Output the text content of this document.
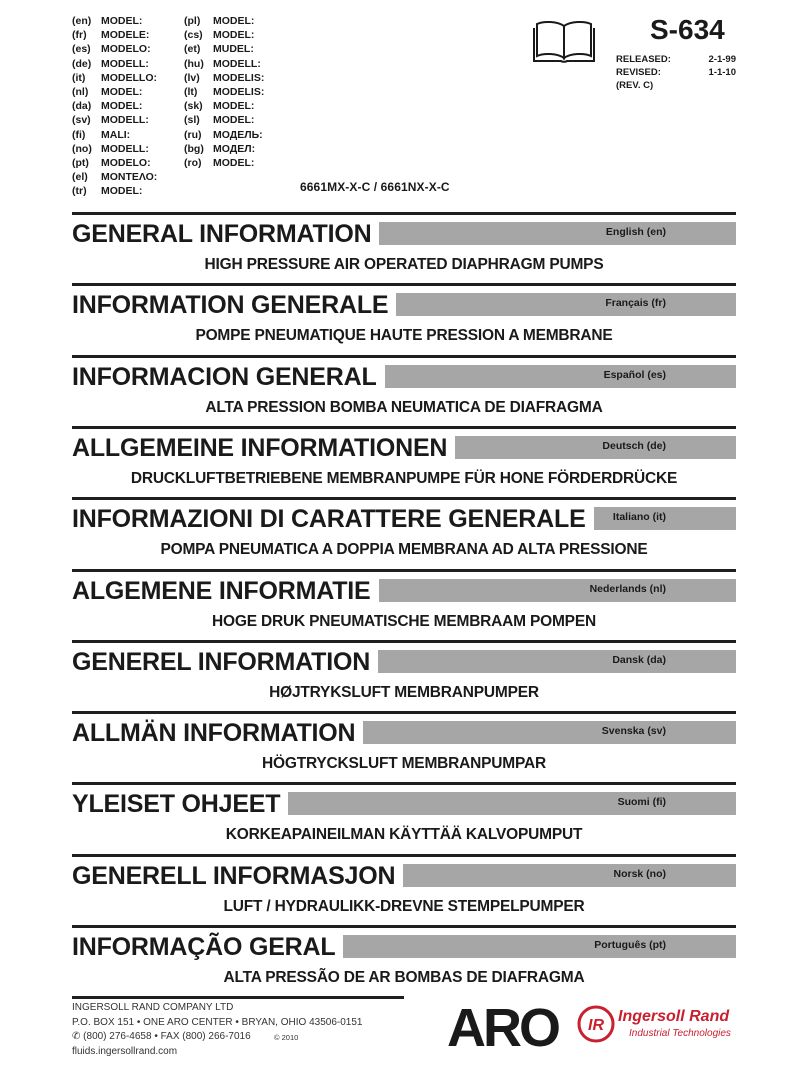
(en) MODEL:
(fr)	MODELE:
(es) MODELO:
(de) MODELL:
(it)	MODELLO:
(nl)	MODEL:
(da) MODEL:
(sv) MODELL:
(fi)	MALI:
(no) MODELL:
(pt)	MODELO:
(el)	ΜΟΝΤΕΛΟ:
(tr)	MODEL:
(pl)	MODEL:
(cs) MODEL:
(et)	MUDEL:
(hu) MODELL:
(lv)	MODELIS:
(lt)	MODELIS:
(sk) MODEL:
(sl)	MODEL:
(ru)	МОДЕЛЬ:
(bg) МОДЕЛ:
(ro)	MODEL:
6661MX-X-C / 6661NX-X-C
S-634
RELEASED:	2-1-99
REVISED:	1-1-10
(REV. C)
GENERAL INFORMATION	English (en)
HIGH PRESSURE AIR OPERATED DIAPHRAGM PUMPS
INFORMATION GENERALE	Français (fr)
POMPE PNEUMATIQUE HAUTE PRESSION A MEMBRANE
INFORMACION GENERAL	Español (es)
ALTA PRESSION BOMBA NEUMATICA DE DIAFRAGMA
ALLGEMEINE INFORMATIONEN	Deutsch (de)
DRUCKLUFTBETRIEBENE MEMBRANPUMPE FÜR HONE FÖRDERDRÜCKE
INFORMAZIONI DI CARATTERE GENERALE	Italiano (it)
POMPA PNEUMATICA A DOPPIA MEMBRANA AD ALTA PRESSIONE
ALGEMENE INFORMATIE	Nederlands (nl)
HOGE DRUK PNEUMATISCHE MEMBRAAM POMPEN
GENEREL INFORMATION	Dansk (da)
HØJTRYKSLUFT MEMBRANPUMPER
ALLMÄN INFORMATION	Svenska (sv)
HÖGTRYCKSLUFT MEMBRANPUMPAR
YLEISET OHJEET	Suomi (fi)
KORKEAPAINEILMAN KÄYTTÄÄ KALVOPUMPUT
GENERELL INFORMASJON	Norsk (no)
LUFT / HYDRAULIKK-DREVNE STEMPELPUMPER
INFORMAÇÃO GERAL	Português (pt)
ALTA PRESSÃO DE AR BOMBAS DE DIAFRAGMA
INGERSOLL RAND COMPANY LTD
P.O. BOX 151 • ONE ARO CENTER • BRYAN, OHIO 43506-0151
✆ (800) 276-4658 • FAX (800) 266-7016
fluids.ingersollrand.com
© 2010	ARO IR
Ingersoll Rand
Industrial Technologies
